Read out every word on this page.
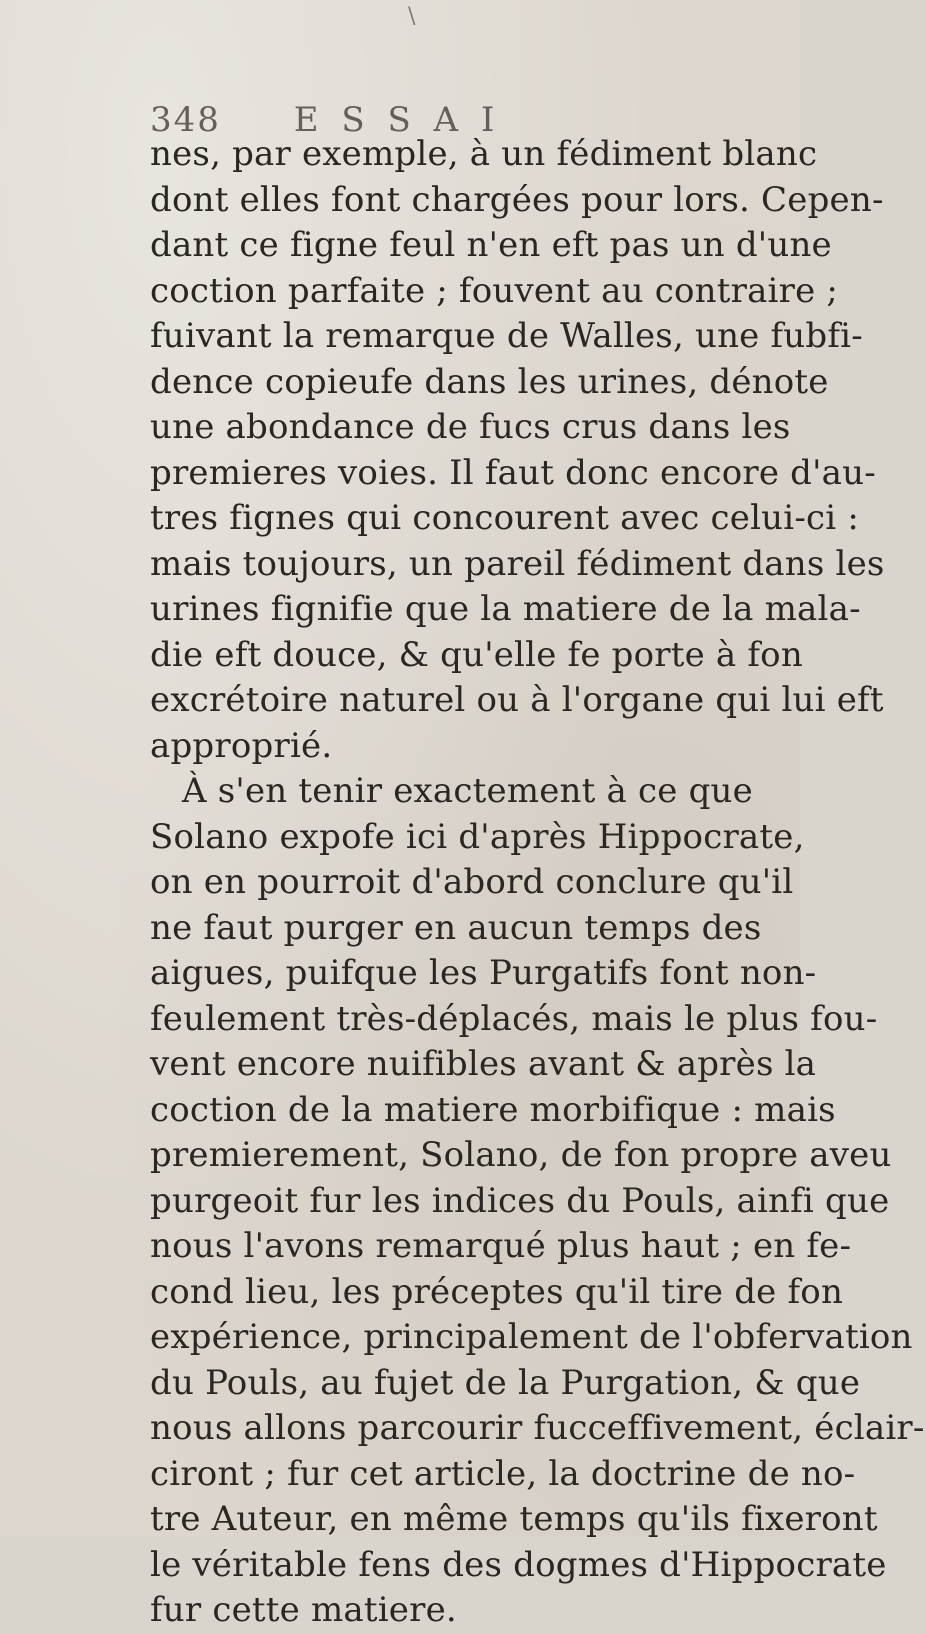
\
348 E S S A I
nes, par exemple, à un fédiment blanc
dont elles font chargées pour lors. Cepen-
dant ce figne feul n'en eft pas un d'une
coction parfaite ; fouvent au contraire ;
fuivant la remarque de Walles, une fubfi-
dence copieufe dans les urines, dénote
une abondance de fucs crus dans les
premieres voies. Il faut donc encore d'au-
tres fignes qui concourent avec celui-ci :
mais toujours, un pareil fédiment dans les
urines fignifie que la matiere de la mala-
die eft douce, & qu'elle fe porte à fon
excrétoire naturel ou à l'organe qui lui eft
approprié.
À s'en tenir exactement à ce que
Solano expofe ici d'après Hippocrate,
on en pourroit d'abord conclure qu'il
ne faut purger en aucun temps des
aigues, puifque les Purgatifs font non-
feulement très-déplacés, mais le plus fou-
vent encore nuifibles avant & après la
coction de la matiere morbifique : mais
premierement, Solano, de fon propre aveu
purgeoit fur les indices du Pouls, ainfi que
nous l'avons remarqué plus haut ; en fe-
cond lieu, les préceptes qu'il tire de fon
expérience, principalement de l'obfervation
du Pouls, au fujet de la Purgation, & que
nous allons parcourir fucceffivement, éclair-
ciront ; fur cet article, la doctrine de no-
tre Auteur, en même temps qu'ils fixeront
le véritable fens des dogmes d'Hippocrate
fur cette matiere.
